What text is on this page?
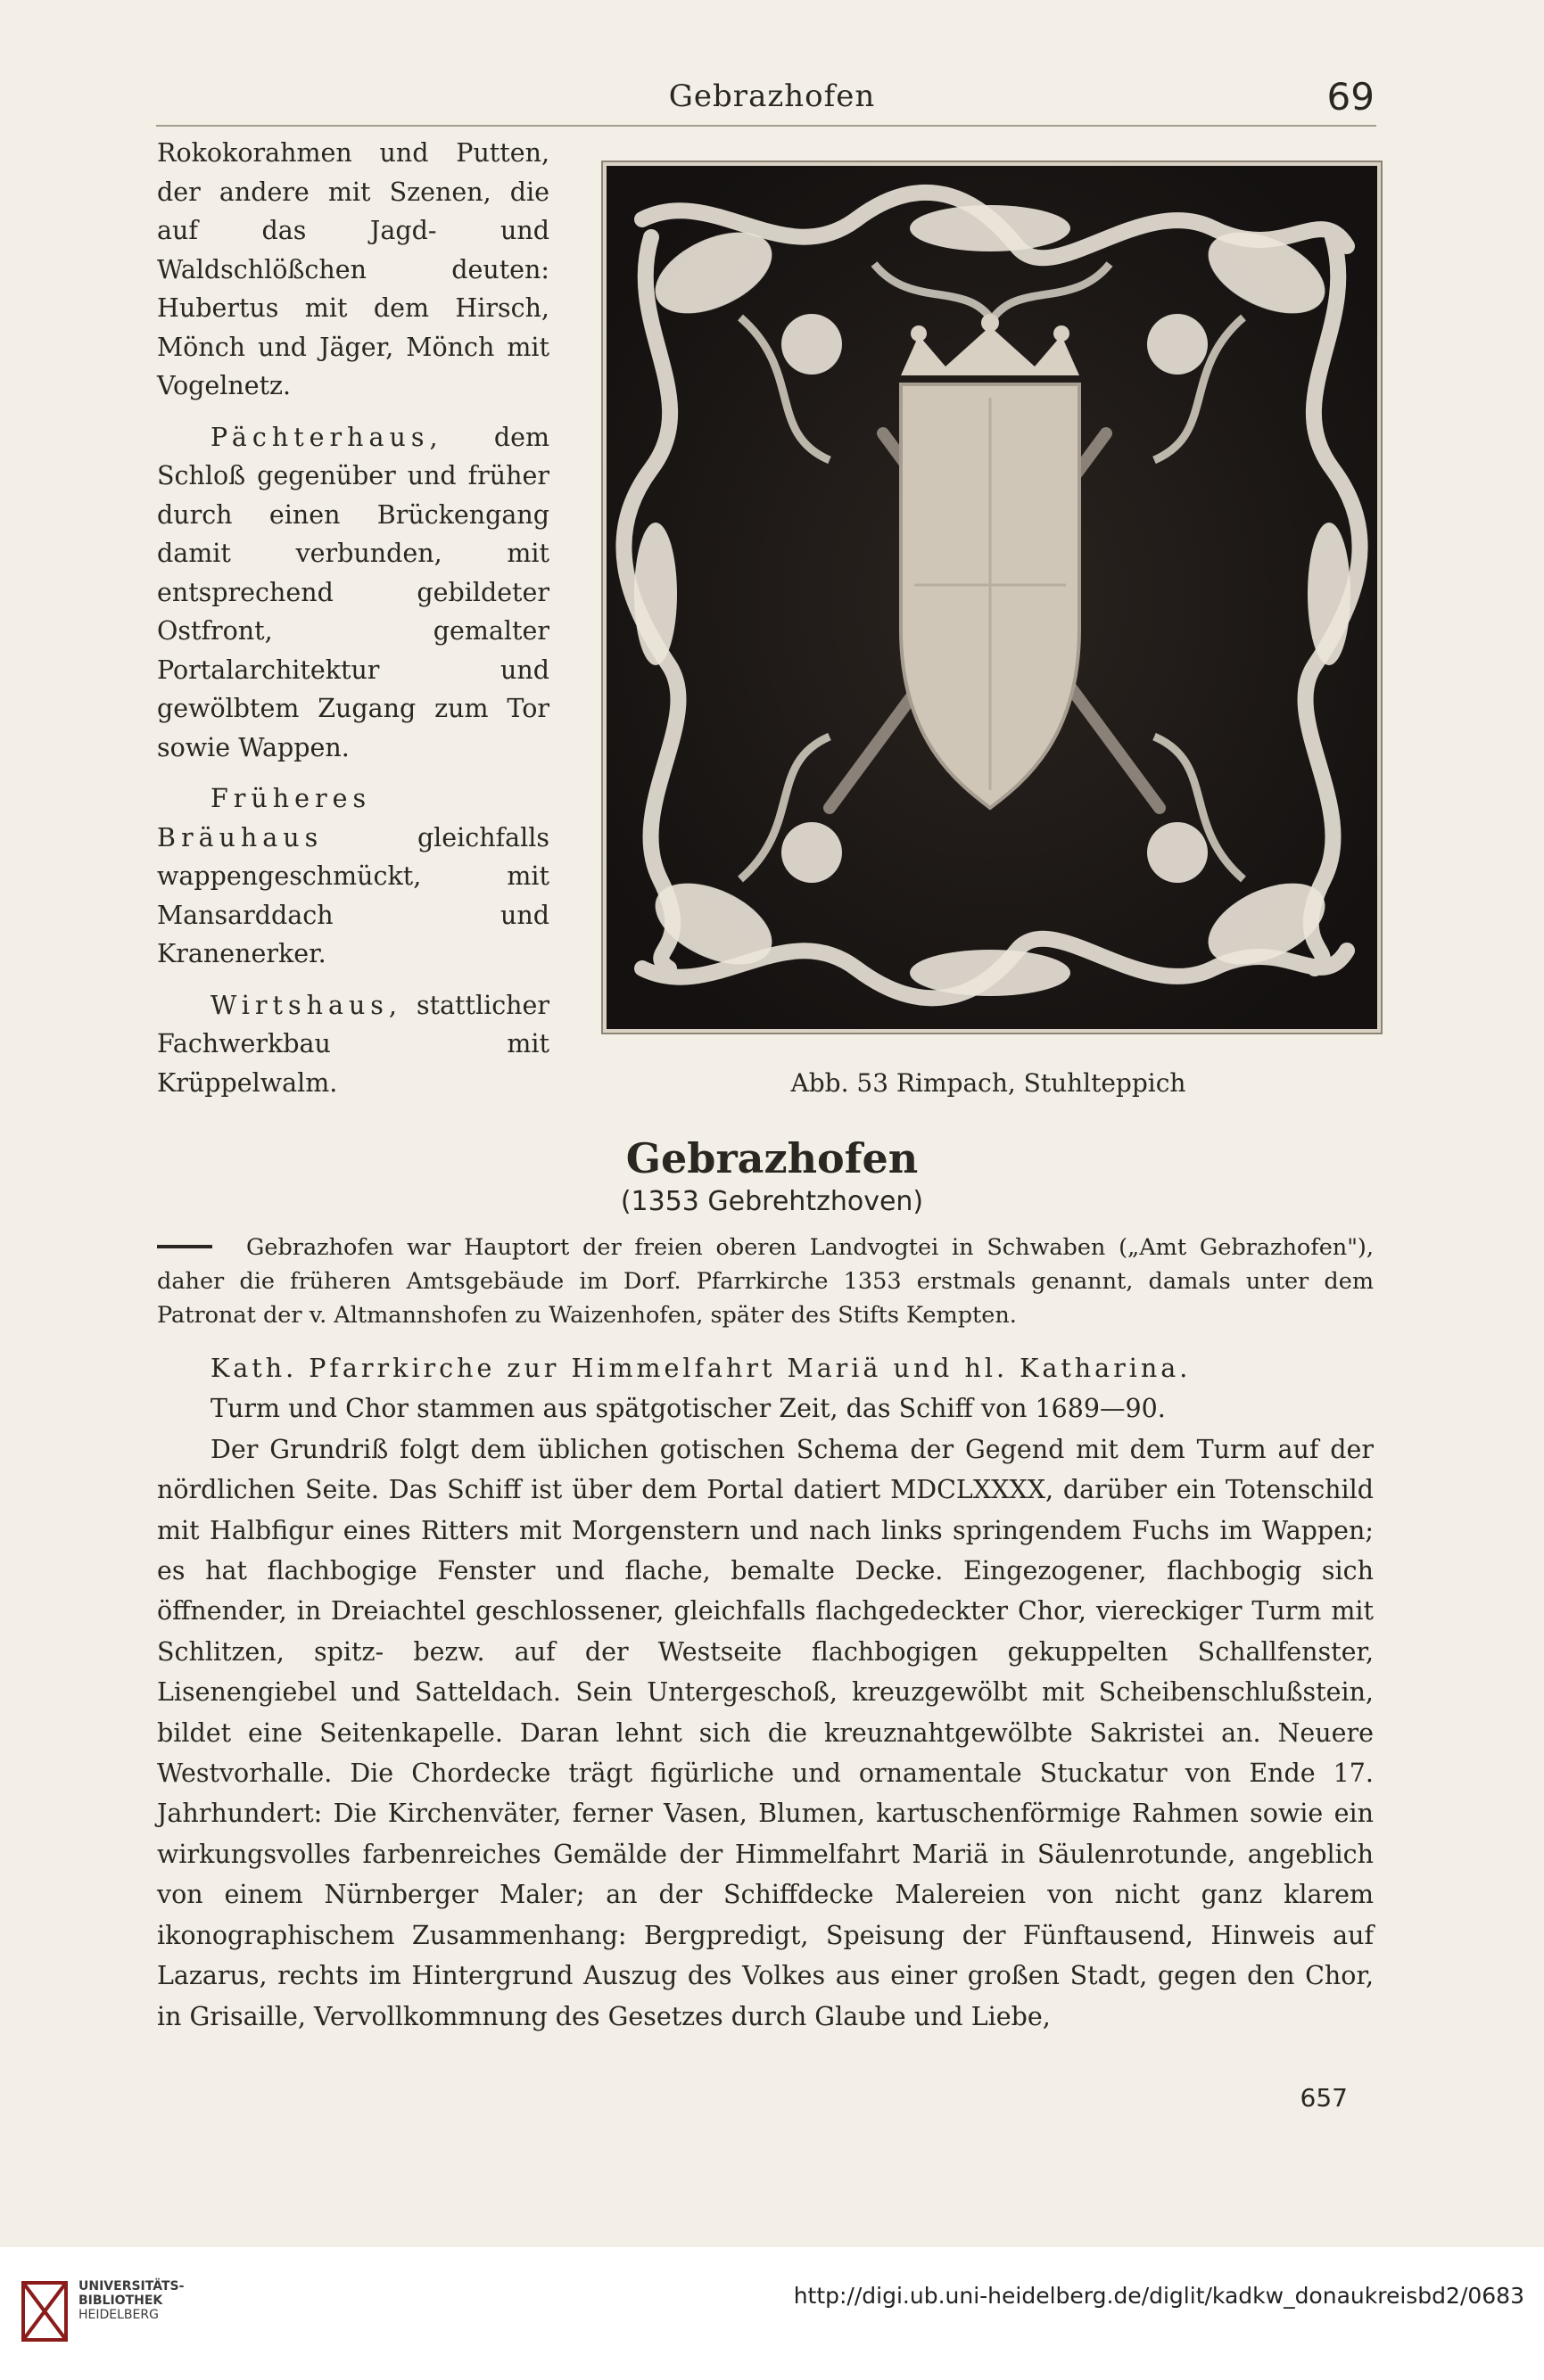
Gebrazhofen	69

Rokokorahmen und Putten, der andere mit Szenen, die auf das Jagd- und Waldschlößchen deuten: Hubertus mit dem Hirsch, Mönch und Jäger, Mönch mit Vogelnetz.

Pächterhaus, dem Schloß gegenüber und früher durch einen Brückengang damit verbunden, mit entsprechend gebildeter Ostfront, gemalter Portalarchitektur und gewölbtem Zugang zum Tor sowie Wappen.

Früheres Bräuhaus	gleichfalls wappengeschmückt, mit Mansarddach und Kranenerker.

Wirtshaus, stattlicher Fachwerkbau mit Krüppelwalm.	Abb. 53 Rimpach, Stuhlteppich
Gebrazhofen
(1353 Gebrehtzhoven)

Gebrazhofen war Hauptort der freien oberen Landvogtei in Schwaben („Amt Gebrazhofen"), daher die früheren Amtsgebäude im Dorf. Pfarrkirche 1353 erstmals genannt, damals unter dem Patronat der v. Altmannshofen zu Waizenhofen, später des Stifts Kempten.

Kath. Pfarrkirche zur Himmelfahrt Mariä und hl. Katharina.

Turm und Chor stammen aus spätgotischer Zeit, das Schiff von 1689—90.

Der Grundriß folgt dem üblichen gotischen Schema der Gegend mit dem Turm auf der nördlichen Seite. Das Schiff ist über dem Portal datiert MDCLXXXX, darüber ein Totenschild mit Halbfigur eines Ritters mit Morgenstern und nach links springendem Fuchs im Wappen; es hat flachbogige Fenster und flache, bemalte Decke. Eingezogener, flachbogig sich öffnender, in Dreiachtel geschlossener, gleichfalls flachgedeckter Chor, viereckiger Turm mit Schlitzen, spitz- bezw. auf der Westseite flachbogigen gekuppelten Schallfenster, Lisenengiebel und Satteldach. Sein Untergeschoß, kreuzgewölbt mit Scheibenschlußstein, bildet eine Seitenkapelle. Daran lehnt sich die kreuznahtgewölbte Sakristei an. Neuere Westvorhalle. Die Chordecke trägt figürliche und ornamentale Stuckatur von Ende 17. Jahrhundert: Die Kirchenväter, ferner Vasen, Blumen, kartuschenförmige Rahmen sowie ein wirkungsvolles farbenreiches Gemälde der Himmelfahrt Mariä in Säulenrotunde, angeblich von einem Nürnberger Maler; an der Schiffdecke Malereien von nicht ganz klarem ikonographischem Zusammenhang: Bergpredigt, Speisung der Fünftausend, Hinweis auf Lazarus, rechts im Hintergrund Auszug des Volkes aus einer großen Stadt, gegen den Chor, in Grisaille, Vervollkommnung des Gesetzes durch Glaube und Liebe,

657
UNIVERSITÄTS-
BIBLIOTHEK
HEIDELBERG
http://digi.ub.uni-heidelberg.de/diglit/kadkw_donaukreisbd2/0683
